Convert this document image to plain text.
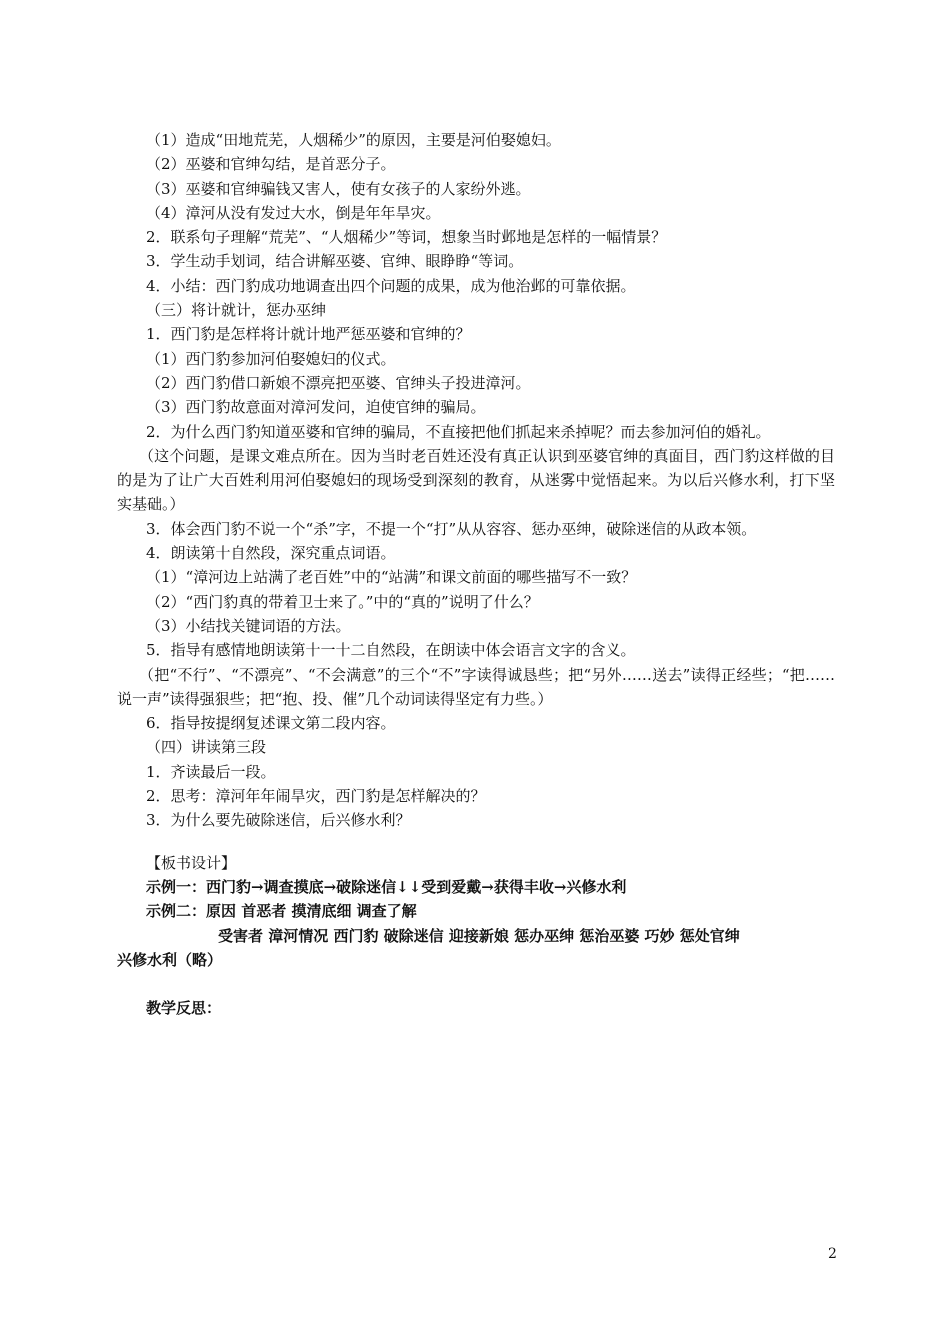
（1）造成“田地荒芜，人烟稀少”的原因，主要是河伯娶媳妇。
（2）巫婆和官绅勾结，是首恶分子。
（3）巫婆和官绅骗钱又害人，使有女孩子的人家纷外逃。
（4）漳河从没有发过大水，倒是年年旱灾。
2．联系句子理解“荒芜”、“人烟稀少”等词，想象当时邺地是怎样的一幅情景？
3．学生动手划词，结合讲解巫婆、官绅、眼睁睁“等词。
4．小结：西门豹成功地调查出四个问题的成果，成为他治邺的可靠依据。
（三）将计就计，惩办巫绅
1．西门豹是怎样将计就计地严惩巫婆和官绅的？
（1）西门豹参加河伯娶媳妇的仪式。
（2）西门豹借口新娘不漂亮把巫婆、官绅头子投进漳河。
（3）西门豹故意面对漳河发问，迫使官绅的骗局。
2．为什么西门豹知道巫婆和官绅的骗局，不直接把他们抓起来杀掉呢？而去参加河伯的婚礼。
（这个问题，是课文难点所在。因为当时老百姓还没有真正认识到巫婆官绅的真面目，西门豹这样做的目的是为了让广大百姓利用河伯娶媳妇的现场受到深刻的教育，从迷雾中觉悟起来。为以后兴修水利，打下坚实基础。）
3．体会西门豹不说一个“杀”字，不提一个“打”从从容容、惩办巫绅，破除迷信的从政本领。
4．朗读第十自然段，深究重点词语。
（1）“漳河边上站满了老百姓”中的“站满”和课文前面的哪些描写不一致？
（2）“西门豹真的带着卫士来了。”中的“真的”说明了什么？
（3）小结找关键词语的方法。
5．指导有感情地朗读第十一十二自然段，在朗读中体会语言文字的含义。
（把“不行”、“不漂亮”、“不会满意”的三个“不”字读得诚恳些；把“另外……送去”读得正经些；“把……说一声”读得强狠些；把“抱、投、催”几个动词读得坚定有力些。）
6．指导按提纲复述课文第二段内容。
（四）讲读第三段
1．齐读最后一段。
2．思考：漳河年年闹旱灾，西门豹是怎样解决的？
3．为什么要先破除迷信，后兴修水利？
【板书设计】
示例一：西门豹→调查摸底→破除迷信↓↓受到爱戴→获得丰收→兴修水利
示例二：原因 首恶者 摸清底细 调查了解
受害者 漳河情况 西门豹 破除迷信 迎接新娘 惩办巫绅 惩治巫婆 巧妙 惩处官绅
兴修水利（略）
教学反思：
2
